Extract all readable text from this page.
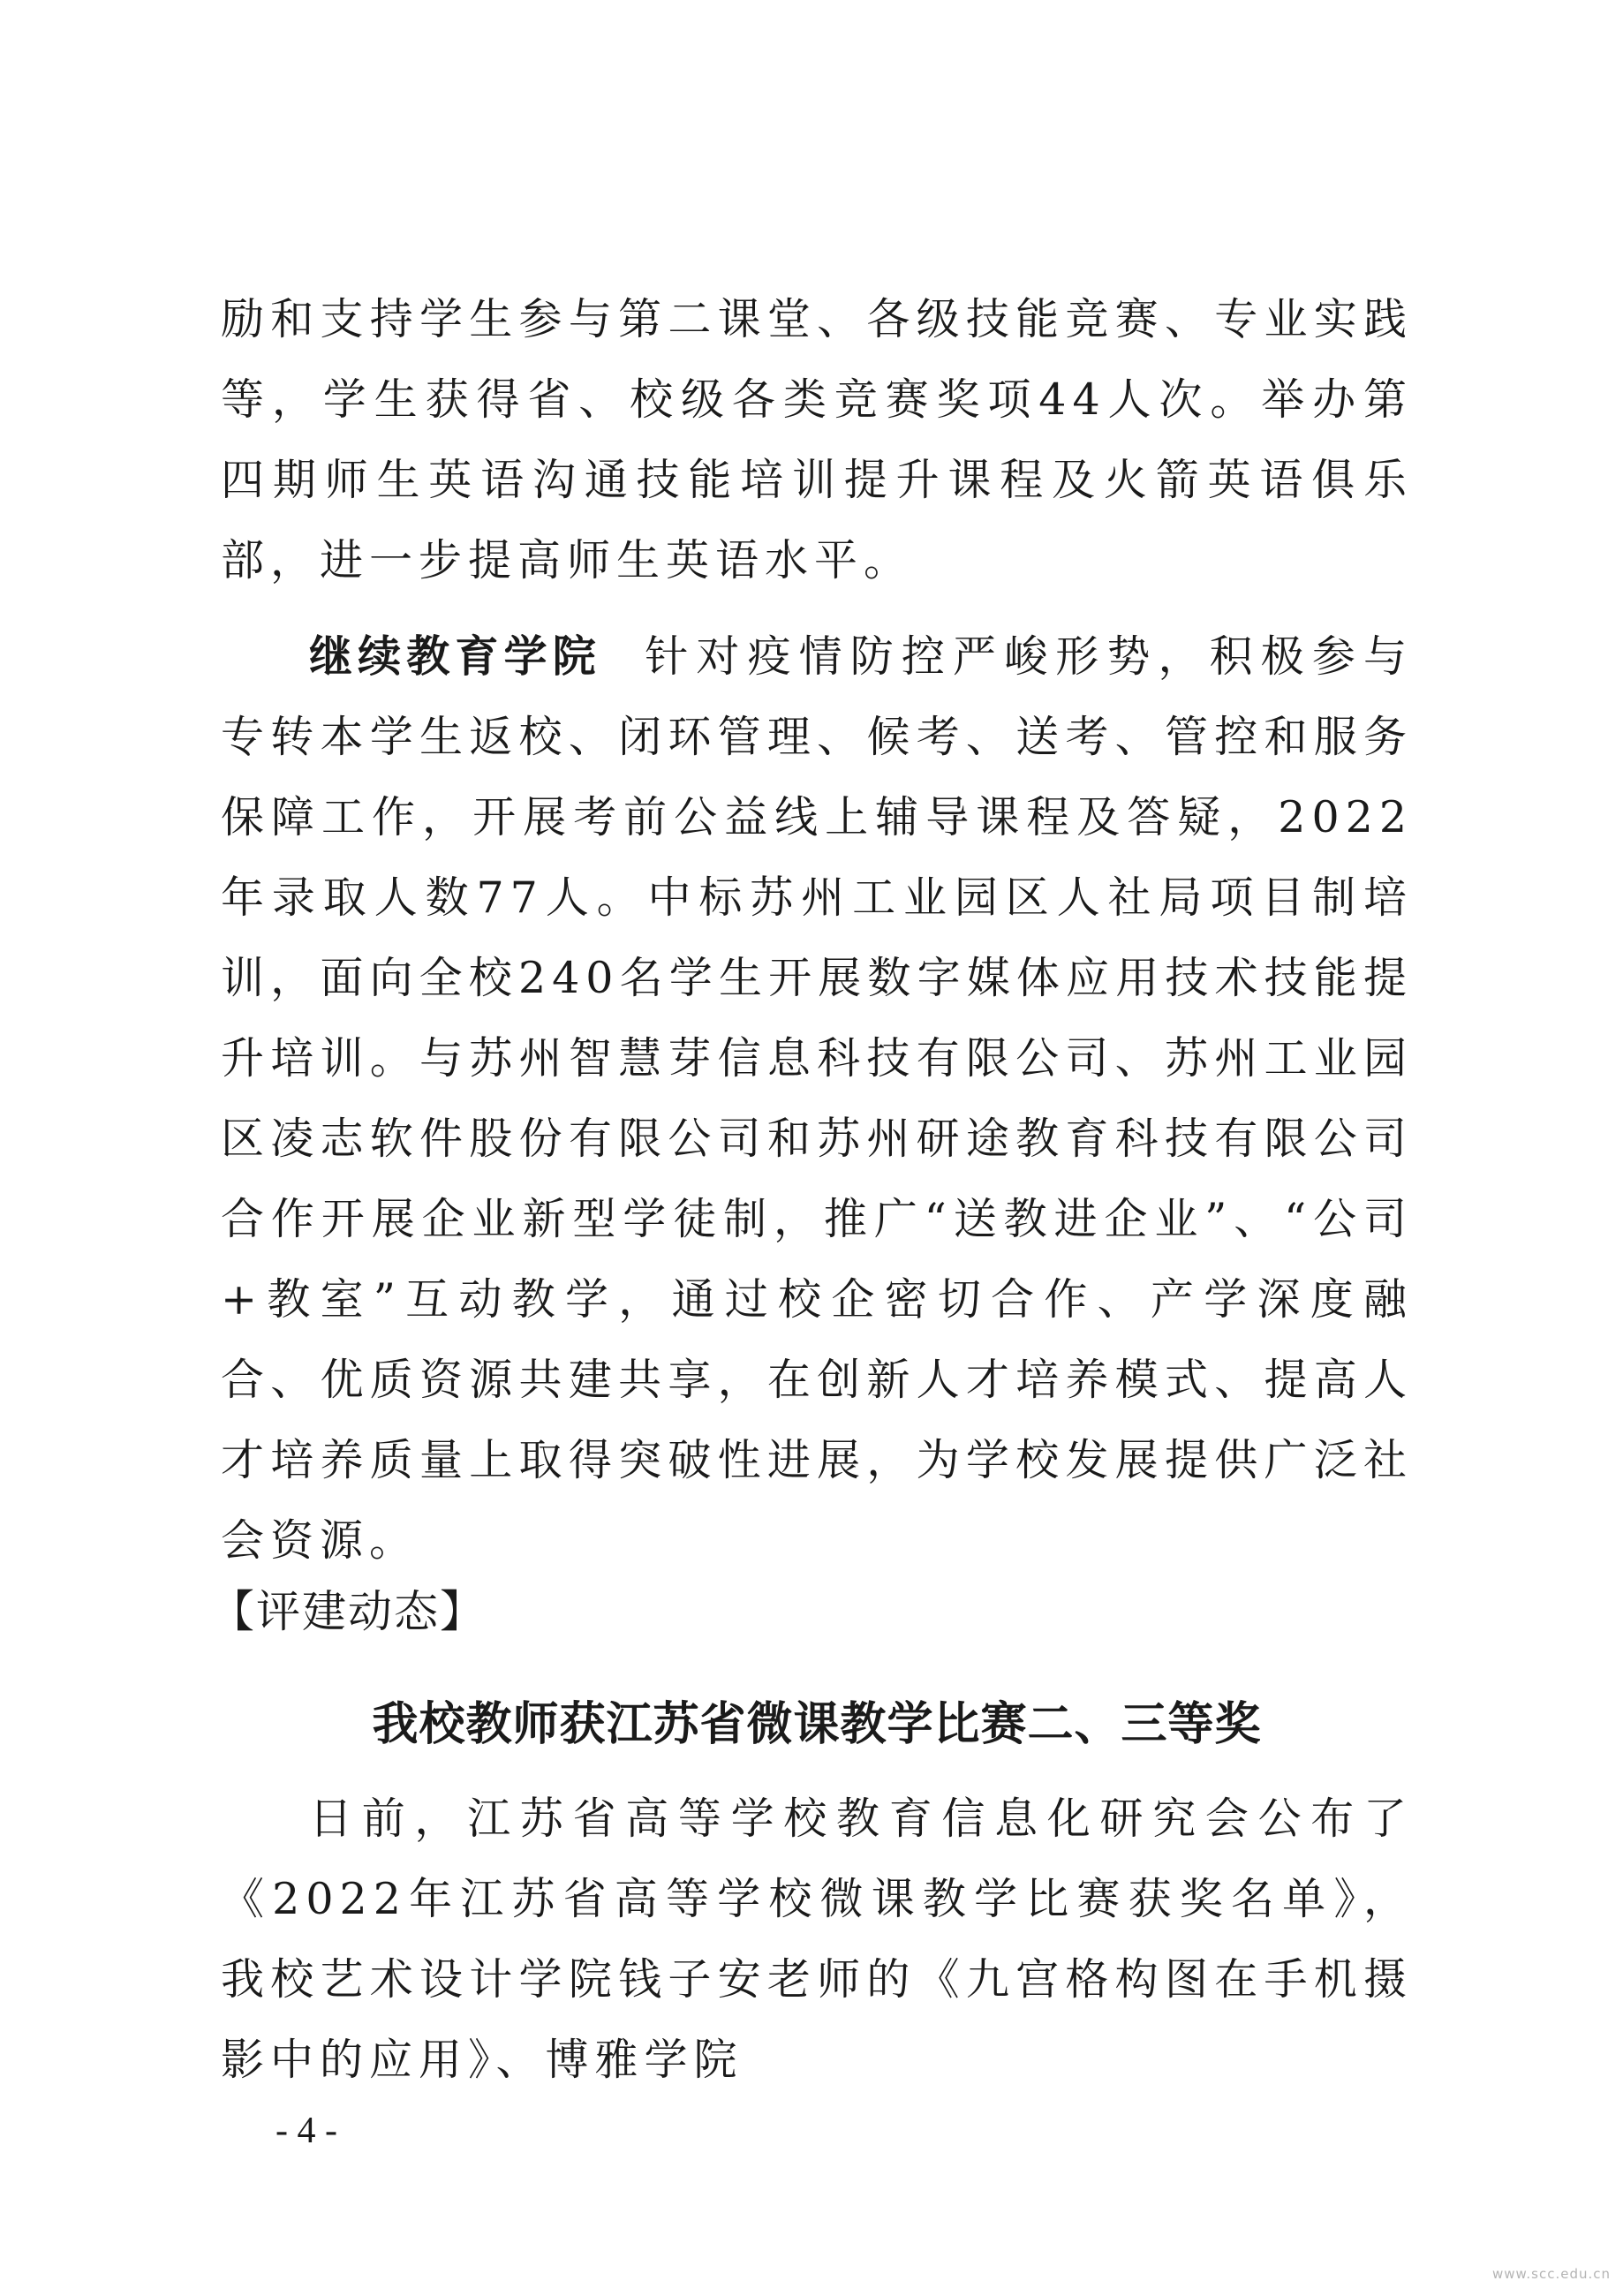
励和支持学生参与第二课堂、各级技能竞赛、专业实践等，学生获得省、校级各类竞赛奖项44人次。举办第四期师生英语沟通技能培训提升课程及火箭英语俱乐部，进一步提高师生英语水平。

继续教育学院 针对疫情防控严峻形势，积极参与专转本学生返校、闭环管理、候考、送考、管控和服务保障工作，开展考前公益线上辅导课程及答疑，2022年录取人数77人。中标苏州工业园区人社局项目制培训，面向全校240名学生开展数字媒体应用技术技能提升培训。与苏州智慧芽信息科技有限公司、苏州工业园区凌志软件股份有限公司和苏州研途教育科技有限公司合作开展企业新型学徒制，推广“送教进企业”、“公司+教室”互动教学，通过校企密切合作、产学深度融合、优质资源共建共享，在创新人才培养模式、提高人才培养质量上取得突破性进展，为学校发展提供广泛社会资源。

【评建动态】

我校教师获江苏省微课教学比赛二、三等奖

日前，江苏省高等学校教育信息化研究会公布了《2022年江苏省高等学校微课教学比赛获奖名单》，我校艺术设计学院钱子安老师的《九宫格构图在手机摄影中的应用》、博雅学院

- 4 -

www.scc.edu.cn
